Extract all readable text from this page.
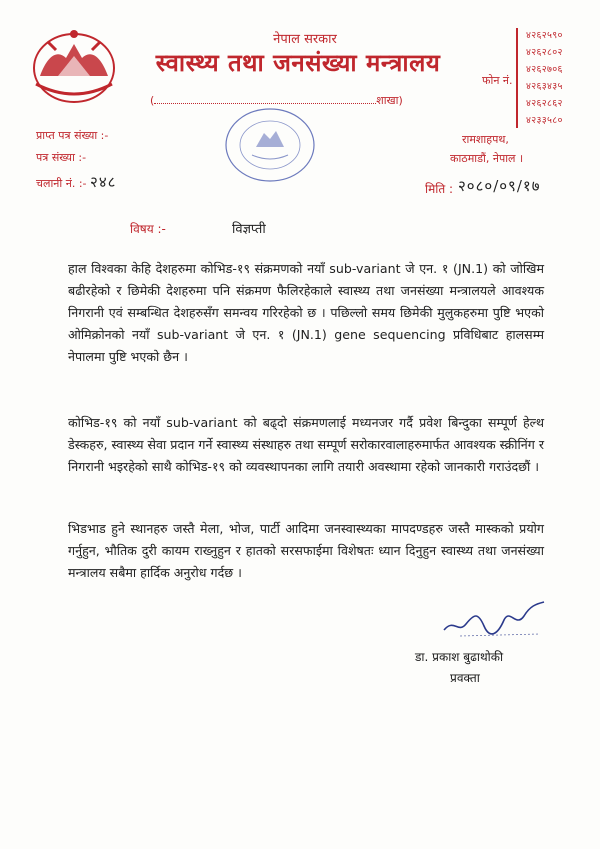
नेपाल सरकार
स्वास्थ्य तथा जनसंख्या मन्त्रालय
(	शाखा)
फोन नं.
४२६२५९०
४२६२८०२
४२६२७०६
४२६३४३५
४२६२८६२
४२३३५८०
प्राप्त पत्र संख्या :-
पत्र संख्या :-
चलानी नं. :- २४८
रामशाहपथ,
काठमाडौं, नेपाल ।
मिति : २०८०/०९/१७
विषय :-	विज्ञप्ती
हाल विश्वका केहि देशहरुमा कोभिड-१९ संक्रमणको नयाँ sub-variant जे एन. १ (JN.1) को जोखिम बढीरहेको र छिमेकी देशहरुमा पनि संक्रमण फैलिरहेकाले स्वास्थ्य तथा जनसंख्या मन्त्रालयले आवश्यक निगरानी एवं सम्बन्धित देशहरुसँग समन्वय गरिरहेको छ । पछिल्लो समय छिमेकी मुलुकहरुमा पुष्टि भएको ओमिक्रोनको नयाँ sub-variant जे एन. १ (JN.1) gene sequencing प्रविधिबाट हालसम्म नेपालमा पुष्टि भएको छैन ।
कोभिड-१९ को नयाँ sub-variant को बढ्दो संक्रमणलाई मध्यनजर गर्दै प्रवेश बिन्दुका सम्पूर्ण हेल्थ डेस्कहरु, स्वास्थ्य सेवा प्रदान गर्ने स्वास्थ्य संस्थाहरु तथा सम्पूर्ण सरोकारवालाहरुमार्फत आवश्यक स्क्रीनिंग र निगरानी भइरहेको साथै कोभिड-१९ को व्यवस्थापनका लागि तयारी अवस्थामा रहेको जानकारी गराउंदछौं ।
भिडभाड हुने स्थानहरु जस्तै मेला, भोज, पार्टी आदिमा जनस्वास्थ्यका मापदण्डहरु जस्तै मास्कको प्रयोग गर्नुहुन, भौतिक दुरी कायम राख्नुहुन र हातको सरसफाईमा विशेषतः ध्यान दिनुहुन स्वास्थ्य तथा जनसंख्या मन्त्रालय सबैमा हार्दिक अनुरोध गर्दछ ।
डा. प्रकाश बुढाथोकी
प्रवक्ता
